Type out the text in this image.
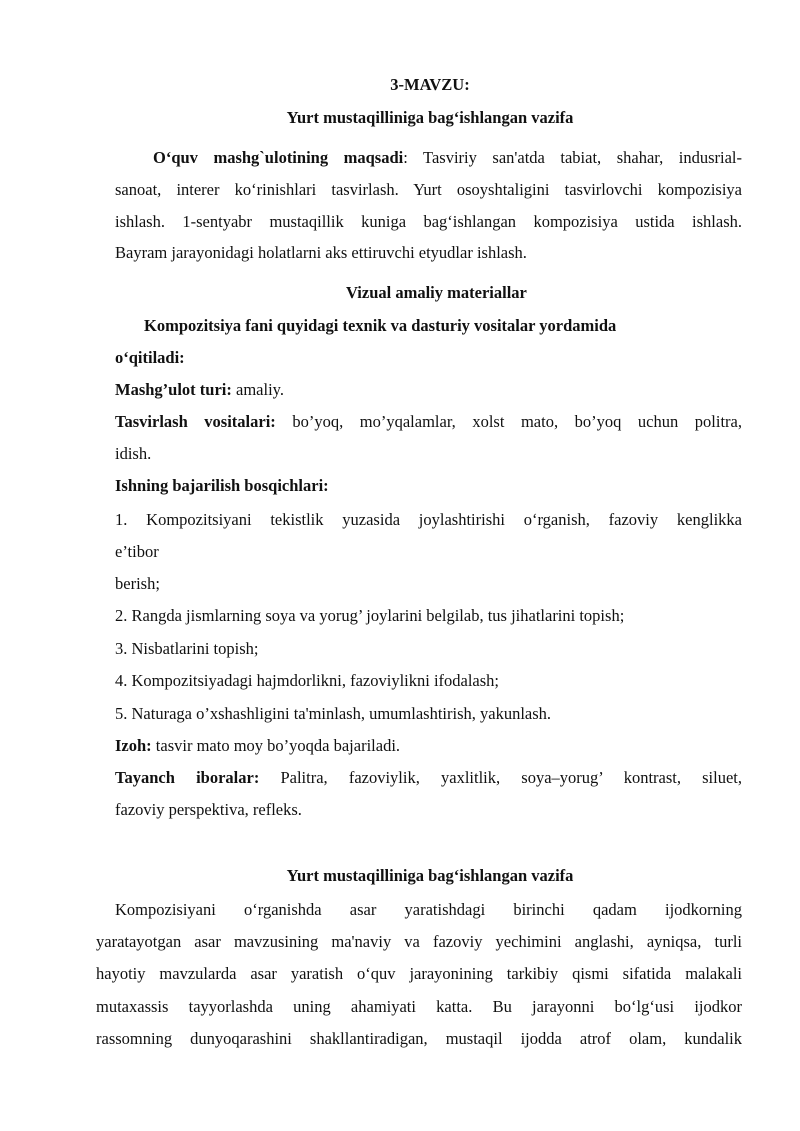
3-MAVZU:
Yurt mustaqilliniga bag‘ishlangan vazifa
O‘quv mashg`ulotining maqsadi: Tasviriy san'atda tabiat, shahar, indusrial-
sanoat, interer ko‘rinishlari tasvirlash. Yurt osoyshtaligini tasvirlovchi kompozisiya
ishlash. 1-sentyabr mustaqillik kuniga bag‘ishlangan kompozisiya ustida ishlash.
Bayram jarayonidagi holatlarni aks ettiruvchi etyudlar ishlash.
Vizual amaliy materiallar
Kompozitsiya fani quyidagi texnik va dasturiy vositalar yordamida
o‘qitiladi:
Mashg’ulot turi: amaliy.
Tasvirlash vositalari: bo’yoq, mo’yqalamlar, xolst mato, bo’yoq uchun politra,
idish.
Ishning bajarilish bosqichlari:
1. Kompozitsiyani tekistlik yuzasida joylashtirishi o‘rganish, fazoviy kenglikka
e’tibor
berish;
2. Rangda jismlarning soya va yorug’ joylarini belgilab, tus jihatlarini topish;
3. Nisbatlarini topish;
4. Kompozitsiyadagi hajmdorlikni, fazoviylikni ifodalash;
5. Naturaga o’xshashligini ta'minlash, umumlashtirish, yakunlash.
Izoh: tasvir mato moy bo’yoqda bajariladi.
Tayanch iboralar: Palitra, fazoviylik, yaxlitlik, soya–yorug’ kontrast, siluet,
fazoviy perspektiva, refleks.
Yurt mustaqilliniga bag‘ishlangan vazifa
Kompozisiyani o‘rganishda asar yaratishdagi birinchi qadam ijodkorning
yaratayotgan asar mavzusining ma'naviy va fazoviy yechimini anglashi, ayniqsa, turli
hayotiy mavzularda asar yaratish o‘quv jarayonining tarkibiy qismi sifatida malakali
mutaxassis tayyorlashda uning ahamiyati katta. Bu jarayonni bo‘lg‘usi ijodkor
rassomning dunyoqarashini shakllantiradigan, mustaqil ijodda atrof olam, kundalik
